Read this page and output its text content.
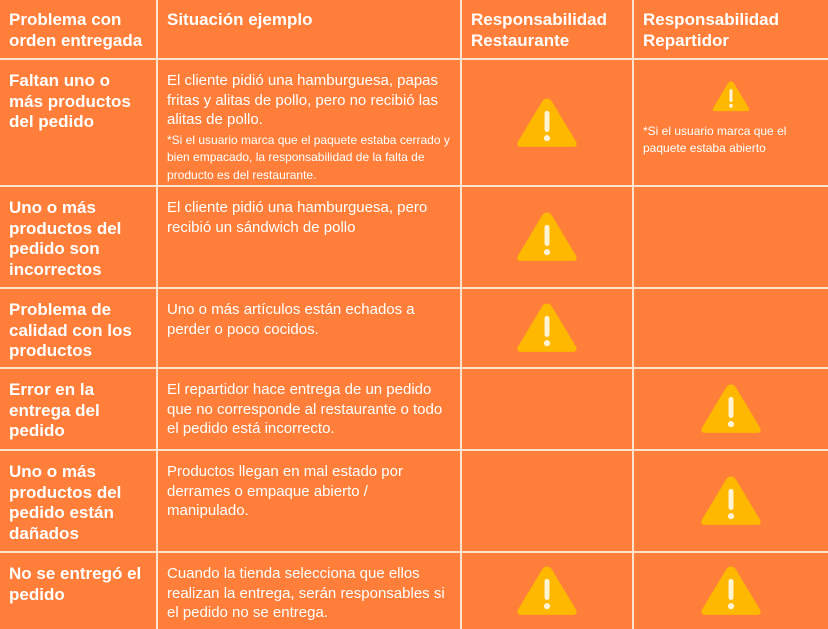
Problema con orden entregada
Situación ejemplo	Responsabilidad Restaurante
Responsabilidad Repartidor
Faltan uno o más productos del pedido
El cliente pidió una hamburguesa, papas fritas y alitas de pollo, pero no recibió las alitas de pollo.
*Si el usuario marca que el paquete estaba cerrado y bien empacado, la responsabilidad de la falta de producto es del restaurante.
*Si el usuario marca que el paquete estaba abierto
Uno o más productos del pedido son incorrectos
El cliente pidió una hamburguesa, pero recibió un sándwich de pollo
Problema de calidad con los productos
Uno o más artículos están echados a perder o poco cocidos.
Error en la entrega del pedido
El repartidor hace entrega de un pedido que no corresponde al restaurante o todo el pedido está incorrecto.
Uno o más productos del pedido están dañados
Productos llegan en mal estado por derrames o empaque abierto / manipulado.
No se entregó el pedido
Cuando la tienda selecciona que ellos realizan la entrega, serán responsables si el pedido no se entrega.
